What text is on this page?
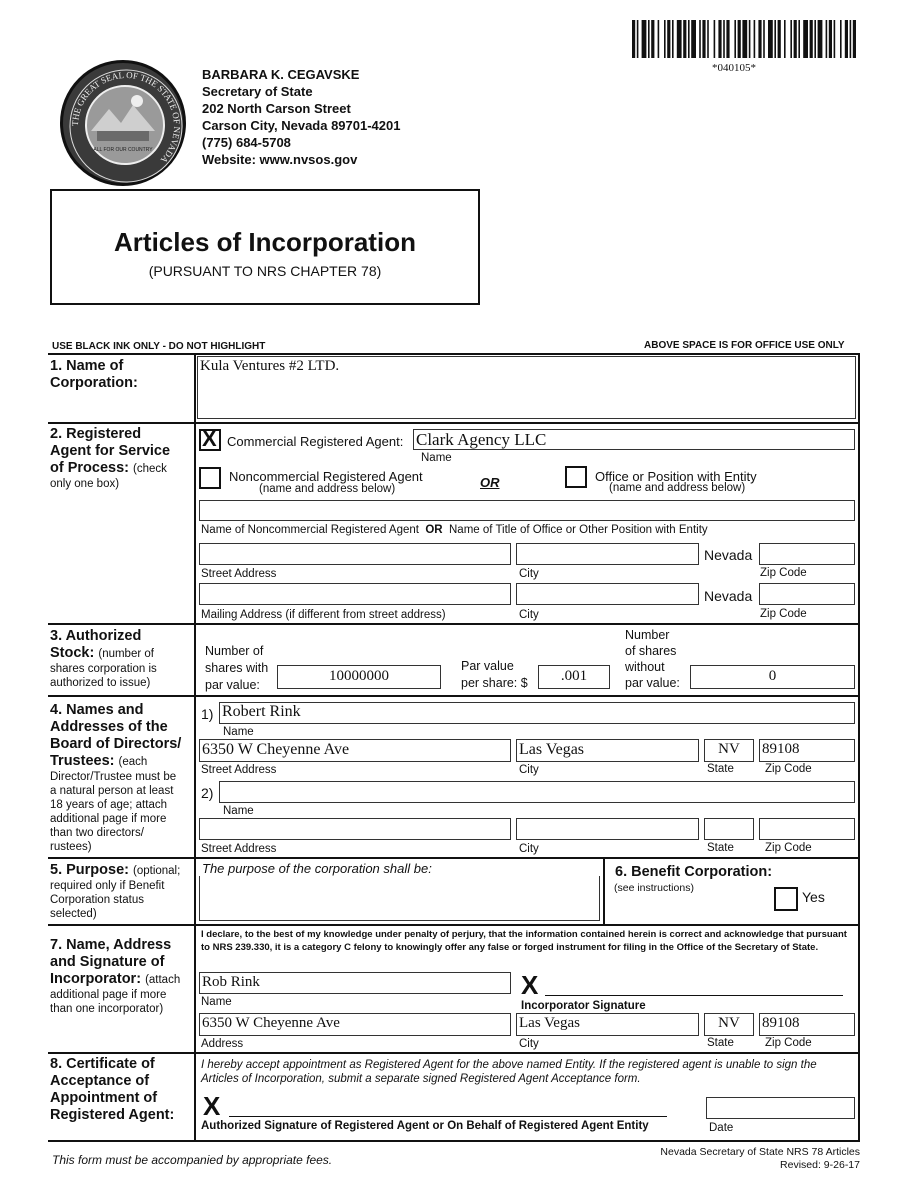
THE GREAT SEAL OF THE STATE OF NEVADA
ALL FOR OUR COUNTRY
BARBARA K. CEGAVSKE
Secretary of State
202 North Carson Street
Carson City, Nevada 89701-4201
(775) 684-5708
Website: www.nvsos.gov
*040105*
Articles of Incorporation
(PURSUANT TO NRS CHAPTER 78)
USE BLACK INK ONLY - DO NOT HIGHLIGHT	ABOVE SPACE IS FOR OFFICE USE ONLY
1. Name of
Corporation:
Kula Ventures #2 LTD.
2. Registered
Agent for Service
of Process: (check
only one box)
X Commercial Registered Agent: Clark Agency LLC
Name
Noncommercial Registered Agent
(name and address below)	OR	Office or Position with Entity
(name and address below)
Name of Noncommercial Registered Agent OR Name of Title of Office or Other Position with Entity
Nevada
Street Address	City	Zip Code
Nevada
Mailing Address (if different from street address)	City	Zip Code
3. Authorized
Stock: (number of
shares corporation is
authorized to issue)
Number of
shares with
par value:
10000000
Par value
per share: $	.001
Number
of shares
without
par value:	0
4. Names and
Addresses of the
Board of Directors/
Trustees: (each
Director/Trustee must be
a natural person at least
18 years of age; attach
additional page if more
than two directors/
rustees)
1) Robert Rink
Name
6350 W Cheyenne Ave	Las Vegas	NV	89108
Street Address	City	State	Zip Code
2)
Name
Street Address	City	State	Zip Code
5. Purpose: (optional;
required only if Benefit
Corporation status
selected)
The purpose of the corporation shall be:	6. Benefit Corporation:
(see instructions)
Yes
7. Name, Address
and Signature of
Incorporator: (attach
additional page if more
than one incorporator)
I declare, to the best of my knowledge under penalty of perjury, that the information contained herein is correct and acknowledge that pursuant to NRS 239.330, it is a category C felony to knowingly offer any false or forged instrument for filing in the Office of the Secretary of State.
Rob Rink
Name
X
Incorporator Signature
6350 W Cheyenne Ave	Las Vegas	NV	89108
Address	City	State	Zip Code
8. Certificate of
Acceptance of
Appointment of
Registered Agent:
I hereby accept appointment as Registered Agent for the above named Entity. If the registered agent is unable to sign the Articles of Incorporation, submit a separate signed Registered Agent Acceptance form.
X
Authorized Signature of Registered Agent or On Behalf of Registered Agent Entity	Date
This form must be accompanied by appropriate fees.
Nevada Secretary of State NRS 78 Articles
Revised: 9-26-17
